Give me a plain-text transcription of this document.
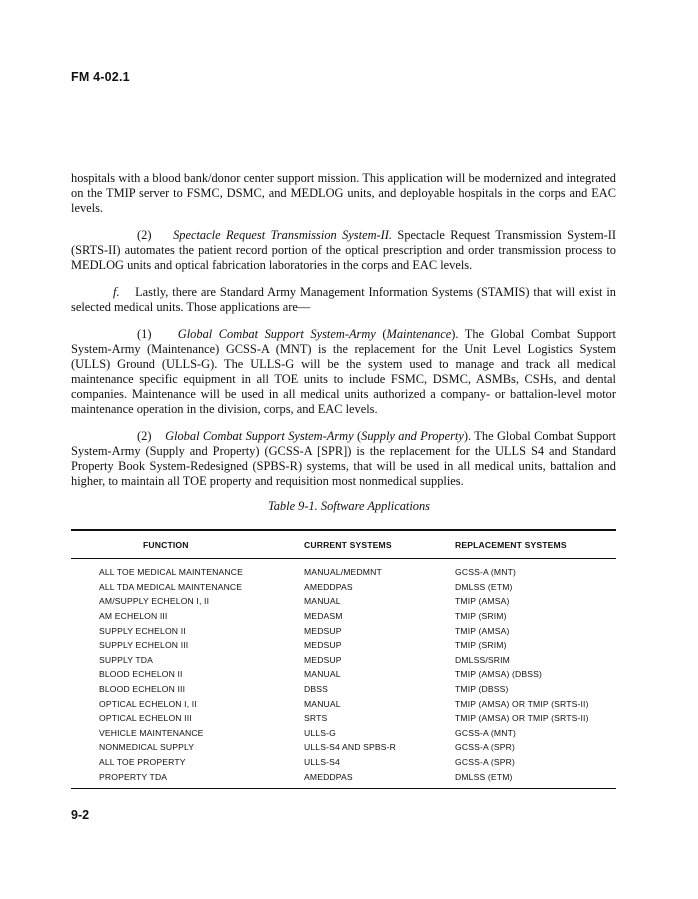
FM 4-02.1

hospitals with a blood bank/donor center support mission. This application will be modernized and integrated on the TMIP server to FSMC, DSMC, and MEDLOG units, and deployable hospitals in the corps and EAC levels.

(2) Spectacle Request Transmission System-II. Spectacle Request Transmission System-II (SRTS-II) automates the patient record portion of the optical prescription and order transmission process to MEDLOG units and optical fabrication laboratories in the corps and EAC levels.

f. Lastly, there are Standard Army Management Information Systems (STAMIS) that will exist in selected medical units. Those applications are—

(1) Global Combat Support System-Army (Maintenance). The Global Combat Support System-Army (Maintenance) GCSS-A (MNT) is the replacement for the Unit Level Logistics System (ULLS) Ground (ULLS-G). The ULLS-G will be the system used to manage and track all medical maintenance specific equipment in all TOE units to include FSMC, DSMC, ASMBs, CSHs, and dental companies. Maintenance will be used in all medical units authorized a company- or battalion-level motor maintenance operation in the division, corps, and EAC levels.

(2) Global Combat Support System-Army (Supply and Property). The Global Combat Support System-Army (Supply and Property) (GCSS-A [SPR]) is the replacement for the ULLS S4 and Standard Property Book System-Redesigned (SPBS-R) systems, that will be used in all medical units, battalion and higher, to maintain all TOE property and requisition most nonmedical supplies.

Table 9-1. Software Applications
FUNCTION	CURRENT SYSTEMS	REPLACEMENT SYSTEMS

ALL TOE MEDICAL MAINTENANCE	MANUAL/MEDMNT	GCSS-A (MNT)
ALL TDA MEDICAL MAINTENANCE	AMEDDPAS	DMLSS (ETM)
AM/SUPPLY ECHELON I, II	MANUAL	TMIP (AMSA)
AM ECHELON III	MEDASM	TMIP (SRIM)
SUPPLY ECHELON II	MEDSUP	TMIP (AMSA)
SUPPLY ECHELON III	MEDSUP	TMIP (SRIM)
SUPPLY TDA	MEDSUP	DMLSS/SRIM
BLOOD ECHELON II	MANUAL	TMIP (AMSA) (DBSS)
BLOOD ECHELON III	DBSS	TMIP (DBSS)
OPTICAL ECHELON I, II	MANUAL	TMIP (AMSA) OR TMIP (SRTS-II)
OPTICAL ECHELON III	SRTS	TMIP (AMSA) OR TMIP (SRTS-II)
VEHICLE MAINTENANCE	ULLS-G	GCSS-A (MNT)
NONMEDICAL SUPPLY	ULLS-S4 AND SPBS-R	GCSS-A (SPR)
ALL TOE PROPERTY	ULLS-S4	GCSS-A (SPR)
PROPERTY TDA	AMEDDPAS	DMLSS (ETM)
9-2
